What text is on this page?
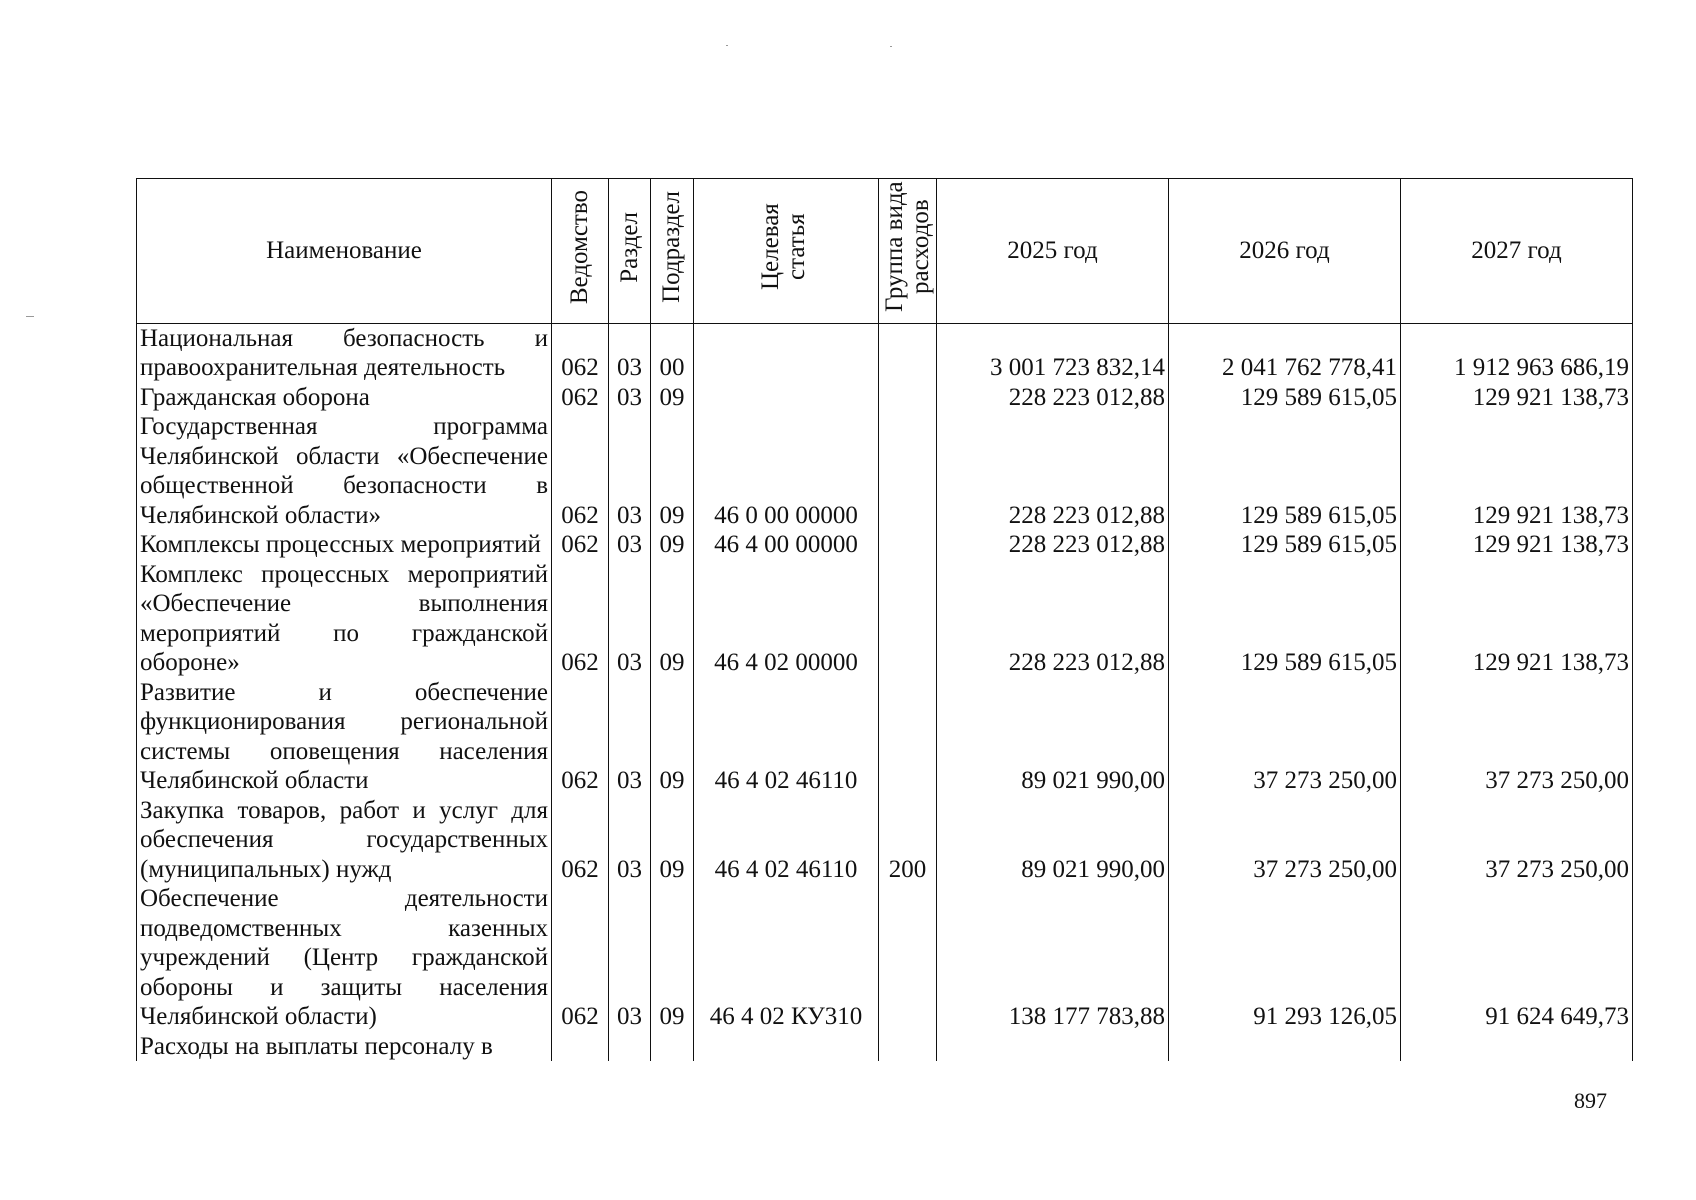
Наименование	Ведомство	Раздел	Подраздел	Целевая статья	Группа вида расходов	2025 год	2026 год	2027 год
Национальная безопасность и правоохранительная деятельность	062	03	00			3 001 723 832,14	2 041 762 778,41	1 912 963 686,19
Гражданская оборона	062	03	09			228 223 012,88	129 589 615,05	129 921 138,73
Государственная программа Челябинской области «Обеспечение общественной безопасности в Челябинской области»	062	03	09	46 0 00 00000		228 223 012,88	129 589 615,05	129 921 138,73
Комплексы процессных мероприятий	062	03	09	46 4 00 00000		228 223 012,88	129 589 615,05	129 921 138,73
Комплекс процессных мероприятий «Обеспечение выполнения мероприятий по гражданской обороне»	062	03	09	46 4 02 00000		228 223 012,88	129 589 615,05	129 921 138,73
Развитие и обеспечение функционирования региональной системы оповещения населения Челябинской области	062	03	09	46 4 02 46110		89 021 990,00	37 273 250,00	37 273 250,00
Закупка товаров, работ и услуг для обеспечения государственных (муниципальных) нужд	062	03	09	46 4 02 46110	200	89 021 990,00	37 273 250,00	37 273 250,00
Обеспечение деятельности подведомственных казенных учреждений (Центр гражданской обороны и защиты населения Челябинской области)	062	03	09	46 4 02 КУ310		138 177 783,88	91 293 126,05	91 624 649,73
Расходы на выплаты персоналу в								
897
